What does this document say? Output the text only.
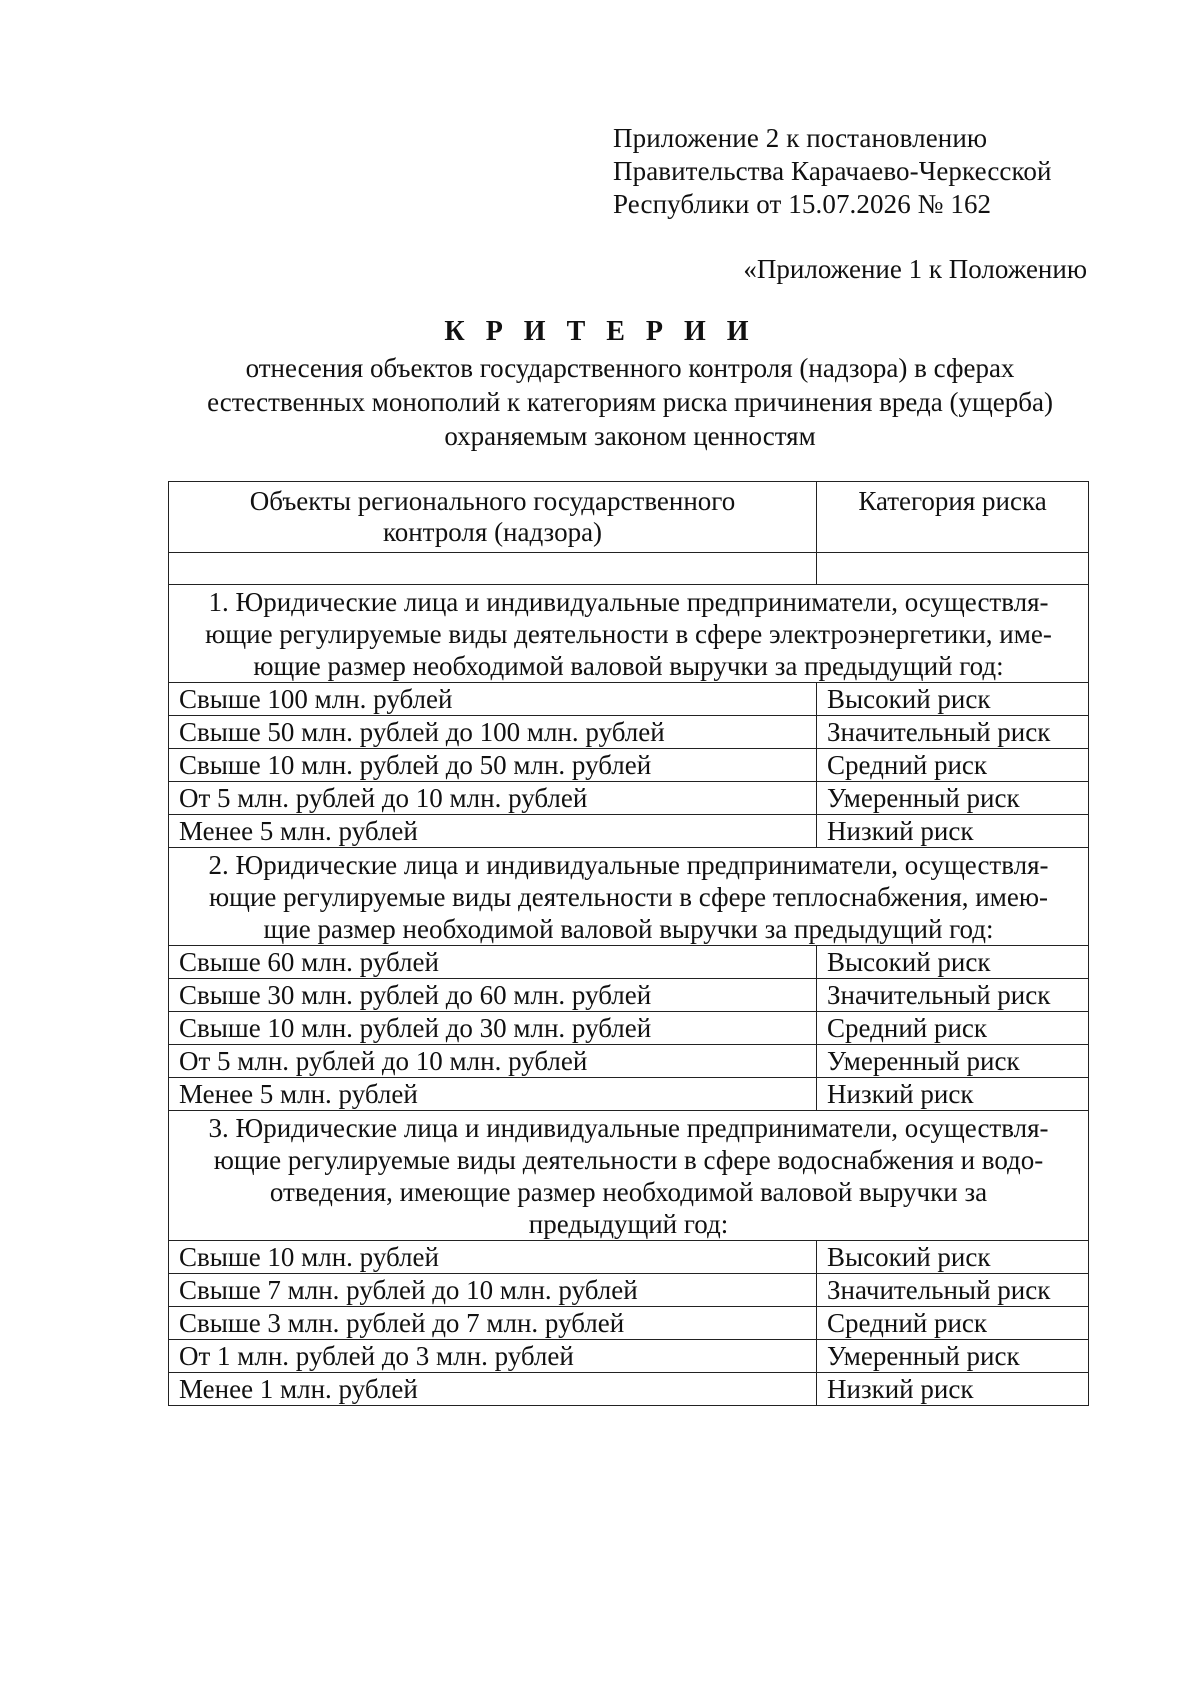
Приложение 2 к постановлению
Правительства Карачаево-Черкесской
Республики от 15.07.2026 № 162
«Приложение 1 к Положению
К Р И Т Е Р И И
отнесения объектов государственного контроля (надзора) в сферах
естественных монополий к категориям риска причинения вреда (ущерба)
охраняемым законом ценностям
Объекты регионального государственного
контроля (надзора)	Категория риска

1. Юридические лица и индивидуальные предприниматели, осуществля-
ющие регулируемые виды деятельности в сфере электроэнергетики, име-
ющие размер необходимой валовой выручки за предыдущий год:	

Свыше 100 млн. рублей	Высокий риск
Свыше 50 млн. рублей до 100 млн. рублей	Значительный риск
Свыше 10 млн. рублей до 50 млн. рублей	Средний риск
От 5 млн. рублей до 10 млн. рублей	Умеренный риск
Менее 5 млн. рублей	Низкий риск

2. Юридические лица и индивидуальные предприниматели, осуществля-
ющие регулируемые виды деятельности в сфере теплоснабжения, имею-
щие размер необходимой валовой выручки за предыдущий год:	

Свыше 60 млн. рублей	Высокий риск
Свыше 30 млн. рублей до 60 млн. рублей	Значительный риск
Свыше 10 млн. рублей до 30 млн. рублей	Средний риск
От 5 млн. рублей до 10 млн. рублей	Умеренный риск
Менее 5 млн. рублей	Низкий риск

3. Юридические лица и индивидуальные предприниматели, осуществля-
ющие регулируемые виды деятельности в сфере водоснабжения и водо-
отведения, имеющие размер необходимой валовой выручки за
предыдущий год:	

Свыше 10 млн. рублей	Высокий риск
Свыше 7 млн. рублей до 10 млн. рублей	Значительный риск
Свыше 3 млн. рублей до 7 млн. рублей	Средний риск
От 1 млн. рублей до 3 млн. рублей	Умеренный риск
Менее 1 млн. рублей	Низкий риск
